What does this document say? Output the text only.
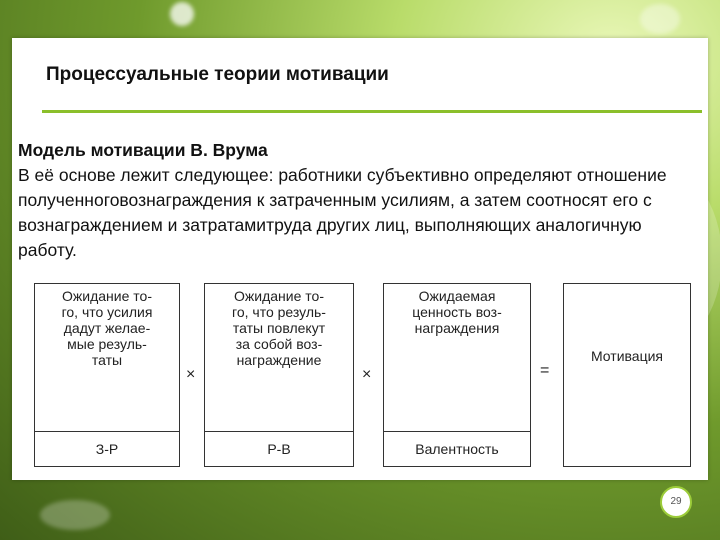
Процессуальные теории мотивации
Модель мотивации В. Врума
В её основе лежит следующее: работники субъективно определяют отношение полученноговознаграждения к затраченным усилиям, а затем соотносят его с вознаграждением и затратамитруда других лиц, выполняющих аналогичную работу.
Ожидание то-
го, что усилия
дадут желае-
мые резуль-
таты
З-Р
×
Ожидание то-
го, что резуль-
таты повлекут
за собой воз-
награждение
Р-В
×
Ожидаемая
ценность воз-
награждения
Валентность
=
Мотивация
29
